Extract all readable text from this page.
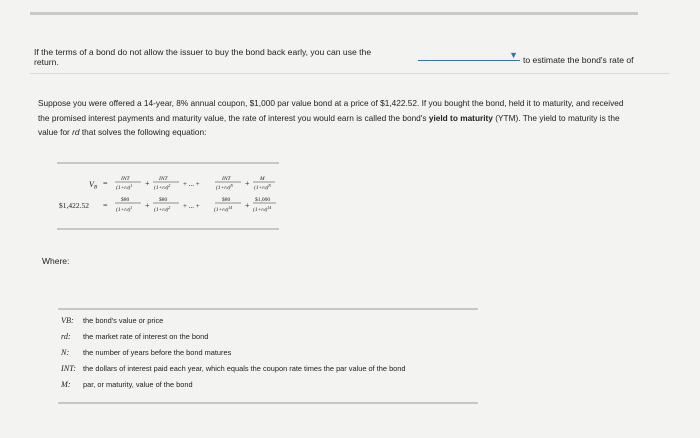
If the terms of a bond do not allow the issuer to buy the bond back early, you can use the	▼ to estimate the bond's rate of
return.
Suppose you were offered a 14-year, 8% annual coupon, $1,000 par value bond at a price of $1,422.52. If you bought the bond, held it to maturity, and received the promised interest payments and maturity value, the rate of interest you would earn is called the bond's yield to maturity (YTM). The yield to maturity is the value for rd that solves the following equation:
VB = INT
$(1+rd)^1$ + INT
$(1+rd)^2$ + ... +
INT
$(1+rd)^N + M$
$(1+rd)^N$
$1,422.52 =
$80
$(1+rd)^1$ +
$80
$(1+rd)^2$ + ... +
$80
$(1+rd)^{14}$ +
$1,000
$(1+rd)^{14}$
Where:
VB: the bond's value or price
rd: the market rate of interest on the bond
N: the number of years before the bond matures
INT: the dollars of interest paid each year, which equals the coupon rate times the par value of the bond
M: par, or maturity, value of the bond
